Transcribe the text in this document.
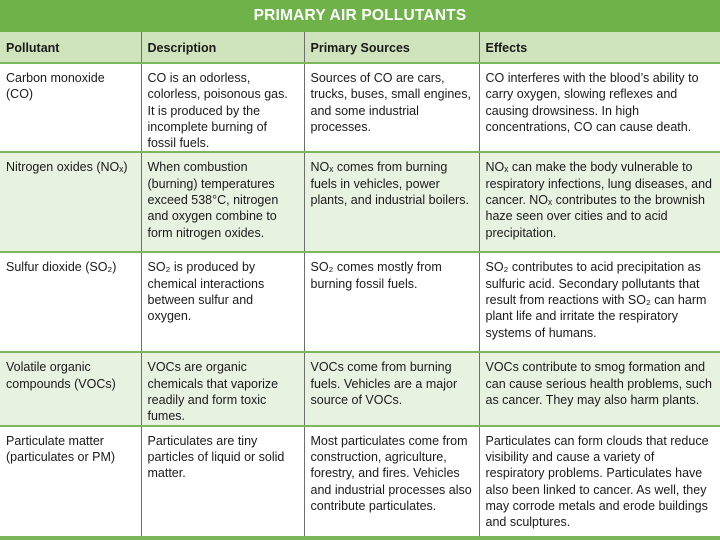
PRIMARY AIR POLLUTANTS
Pollutant	Description	Primary Sources	Effects
Carbon monoxide (CO)	CO is an odorless, colorless, poisonous gas. It is produced by the incomplete burning of fossil fuels.	Sources of CO are cars, trucks, buses, small engines, and some industrial processes.	CO interferes with the blood’s ability to carry oxygen, slowing reflexes and causing drowsiness. In high concentrations, CO can cause death.
Nitrogen oxides (NOₓ)	When combustion (burning) temperatures exceed 538°C, nitrogen and oxygen combine to form nitrogen oxides.	NOₓ comes from burning fuels in vehicles, power plants, and industrial boilers.	NOₓ can make the body vulnerable to respiratory infections, lung diseases, and cancer. NOₓ contributes to the brownish haze seen over cities and to acid precipitation.
Sulfur dioxide (SO₂)	SO₂ is produced by chemical interactions between sulfur and oxygen.	SO₂ comes mostly from burning fossil fuels.	SO₂ contributes to acid precipitation as sulfuric acid. Secondary pollutants that result from reactions with SO₂ can harm plant life and irritate the respiratory systems of humans.
Volatile organic compounds (VOCs)	VOCs are organic chemicals that vaporize readily and form toxic fumes.	VOCs come from burning fuels. Vehicles are a major source of VOCs.	VOCs contribute to smog formation and can cause serious health problems, such as cancer. They may also harm plants.
Particulate matter (particulates or PM)	Particulates are tiny particles of liquid or solid matter.	Most particulates come from construction, agriculture, forestry, and fires. Vehicles and industrial processes also contribute particulates.	Particulates can form clouds that reduce visibility and cause a variety of respiratory problems. Particulates have also been linked to cancer. As well, they may corrode metals and erode buildings and sculptures.
